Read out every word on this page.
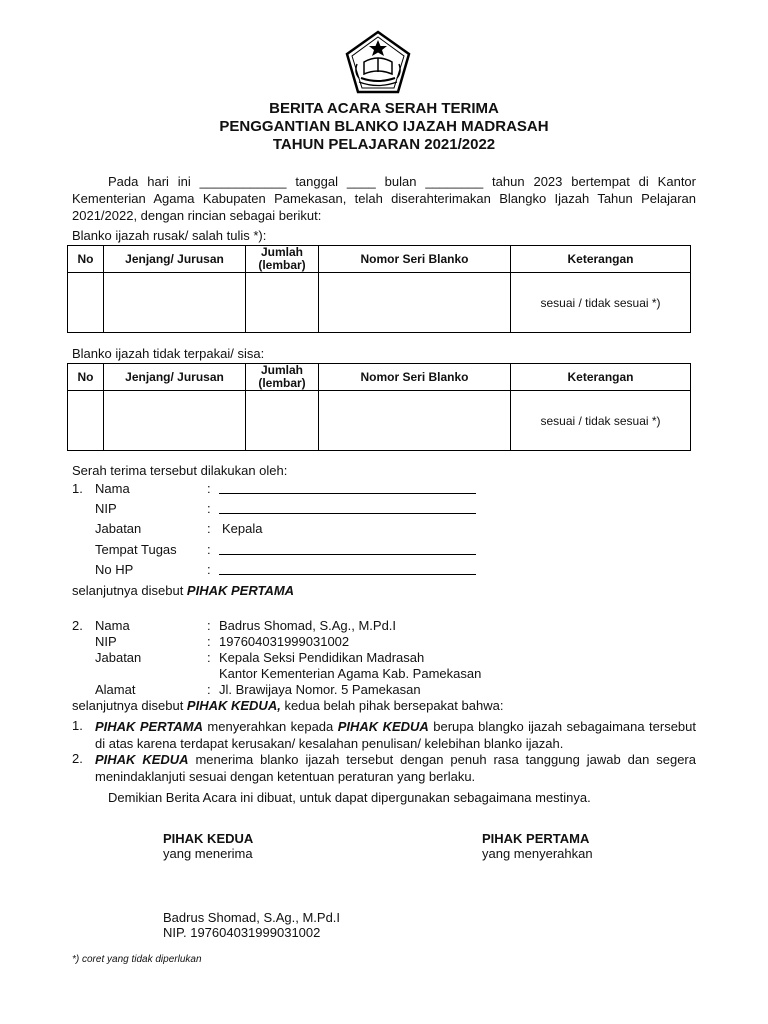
BERITA ACARA SERAH TERIMA
PENGGANTIAN BLANKO IJAZAH MADRASAH
TAHUN PELAJARAN 2021/2022
Pada hari ini ____________ tanggal ____ bulan ________ tahun 2023 bertempat di Kantor Kementerian Agama Kabupaten Pamekasan, telah diserahterimakan Blangko Ijazah Tahun Pelajaran 2021/2022, dengan rincian sebagai berikut:
Blanko ijazah rusak/ salah tulis *):
No	Jenjang/ Jurusan	Jumlah (lembar)	Nomor Seri Blanko	Keterangan
				sesuai / tidak sesuai *)
Blanko ijazah tidak terpakai/ sisa:
No	Jenjang/ Jurusan	Jumlah (lembar)	Nomor Seri Blanko	Keterangan
				sesuai / tidak sesuai *)
Serah terima tersebut dilakukan oleh:
1. Nama	:
NIP	:
Jabatan	: Kepala
Tempat Tugas :
No HP	:
selanjutnya disebut PIHAK PERTAMA
2. Nama	: Badrus Shomad, S.Ag., M.Pd.I
NIP	: 197604031999031002
Jabatan	: Kepala Seksi Pendidikan Madrasah
Kantor Kementerian Agama Kab. Pamekasan
Alamat	: Jl. Brawijaya Nomor. 5 Pamekasan
selanjutnya disebut PIHAK KEDUA, kedua belah pihak bersepakat bahwa:
1. PIHAK PERTAMA menyerahkan kepada PIHAK KEDUA berupa blangko ijazah sebagaimana tersebut di atas karena terdapat kerusakan/ kesalahan penulisan/ kelebihan blanko ijazah.
2. PIHAK KEDUA menerima blanko ijazah tersebut dengan penuh rasa tanggung jawab dan segera menindaklanjuti sesuai dengan ketentuan peraturan yang berlaku.
Demikian Berita Acara ini dibuat, untuk dapat dipergunakan sebagaimana mestinya.
PIHAK KEDUA
yang menerima
PIHAK PERTAMA
yang menyerahkan
Badrus Shomad, S.Ag., M.Pd.I
NIP. 197604031999031002
*) coret yang tidak diperlukan
